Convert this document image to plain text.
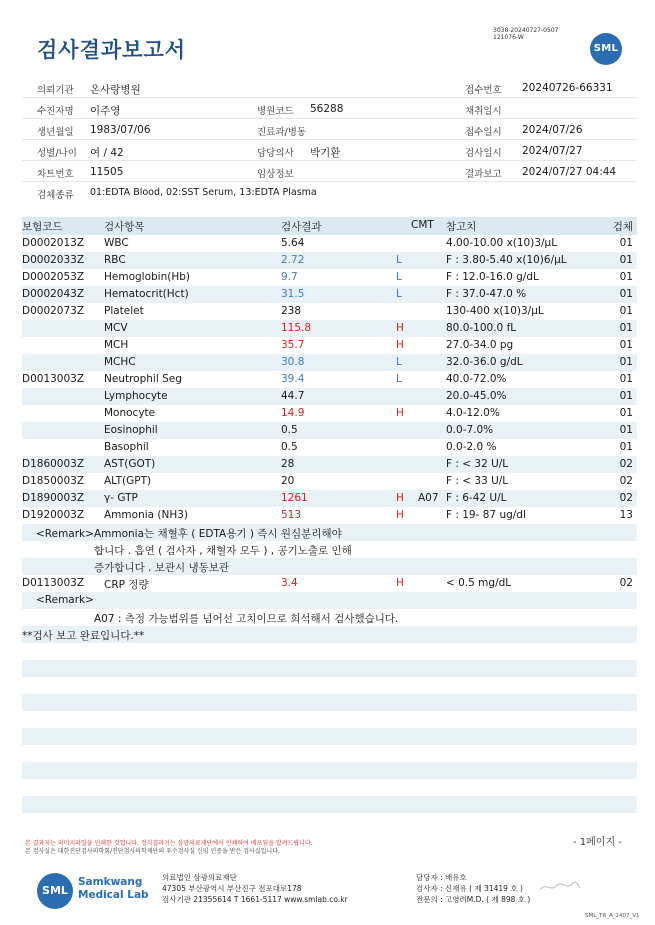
검사결과보고서
3038-20240727-0507
121076-W
SML
의뢰기관 온사랑병원	접수번호 20240726-66331
수진자명 이주영	병원코드 56288	채취일시
생년월일 1983/07/06	진료과/병동	접수일시 2024/07/26
성별/나이 여 / 42	담당의사 박기환	검사일시 2024/07/27
차트번호 11505	임상정보	결과보고 2024/07/27 04:44
검체종류 01:EDTA Blood, 02:SST Serum, 13:EDTA Plasma
보험코드	검사항목	검사결과	CMT 참고치	검체
D0002013Z WBC	5.64	4.00-10.00 x(10)3/μL	01
D0002033Z RBC	2.72	L	F : 3.80-5.40 x(10)6/μL	01
D0002053Z Hemoglobin(Hb)	9.7	L	F : 12.0-16.0 g/dL	01
D0002043Z Hematocrit(Hct)	31.5	L	F : 37.0-47.0 %	01
D0002073Z Platelet	238	130-400 x(10)3/μL	01
MCV	115.8	H	80.0-100.0 fL	01
MCH	35.7	H	27.0-34.0 pg	01
MCHC	30.8	L	32.0-36.0 g/dL	01
D0013003Z Neutrophil Seg	39.4	L	40.0-72.0%	01
Lymphocyte	44.7	20.0-45.0%	01
Monocyte	14.9	H	4.0-12.0%	01
Eosinophil	0.5	0.0-7.0%	01
Basophil	0.5	0.0-2.0 %	01
D1860003Z AST(GOT)	28	F : < 32 U/L	02
D1850003Z ALT(GPT)	20	F : < 33 U/L	02
D1890003Z γ- GTP	1261	H A07 F : 6-42 U/L	02
D1920003Z Ammonia (NH3)	513	H	F : 19- 87 ug/dl	13
<Remark>Ammonia는 채혈후 ( EDTA용기 ) 즉시 원심분리해야
합니다 . 흡연 ( 검사자 , 채혈자 모두 ) , 공기노출로 인해
증가합니다 . 보관시 냉동보관
D0113003Z CRP 정량	3.4	H	< 0.5 mg/dL	02
<Remark>
A07 : 측정 가능범위를 넘어선 고치이므로 희석해서 검사했습니다.
**검사 보고 완료입니다.**
- 1페이지 -
본 결과지는 의미지파일을 인쇄한 것입니다. 정식결과지는 삼광의료재단에서 인쇄하여 배포됨을 알려드립니다.
본 검사실은 대한진단검사의학회/진단검사의학재단의 우수검사실 신임 인증을 받은 검사실입니다.
SML
Samkwang
Medical Lab
의료법인 삼광의료재단
47305 부산광역시 부산진구 전포대로178
검사기관 21355614 T 1661-5117 www.smlab.co.kr
담당자 : 배유호
검사자 : 신재유 ( 제 31419 호 )
전문의 : 고영려M.D. ( 제 898 호 )
SML_TR_A_2407_V1
